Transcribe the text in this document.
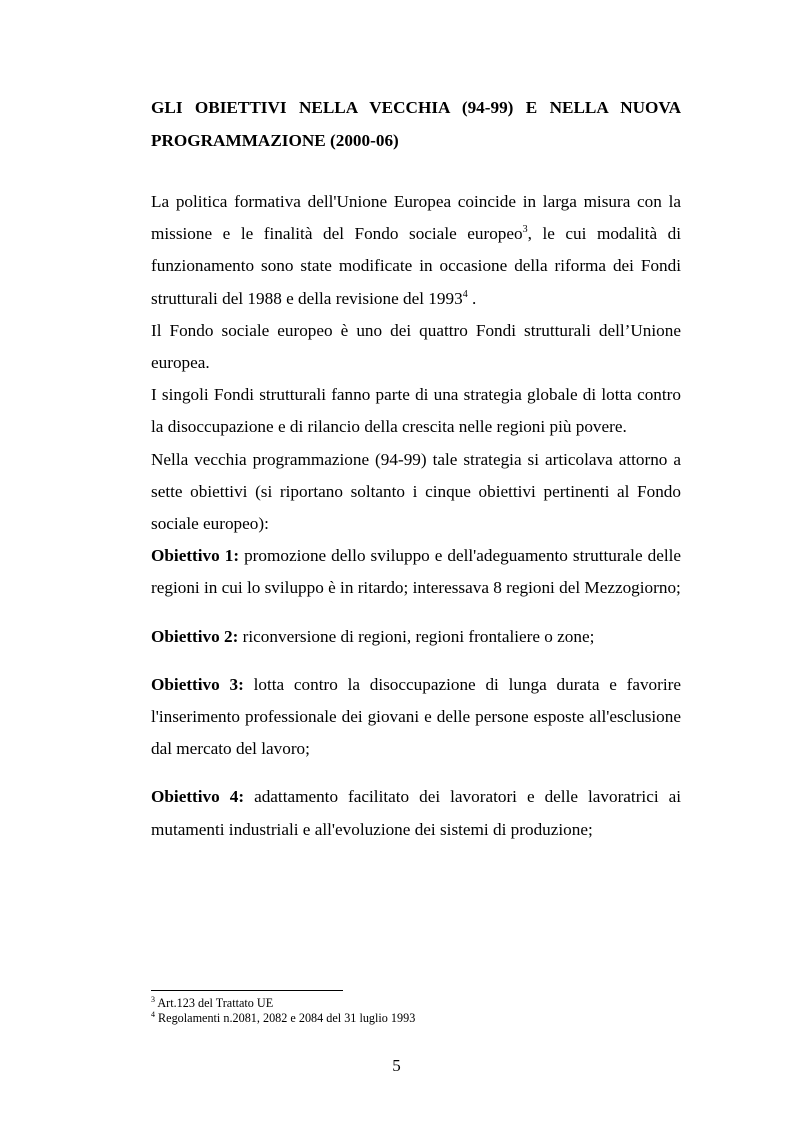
GLI OBIETTIVI NELLA VECCHIA (94-99) E NELLA NUOVA PROGRAMMAZIONE (2000-06)

La politica formativa dell'Unione Europea coincide in larga misura con la missione e le finalità del Fondo sociale europeo$^3$, le cui modalità di funzionamento sono state modificate in occasione della riforma dei Fondi strutturali del 1988 e della revisione del 1993$^4$ .

Il Fondo sociale europeo è uno dei quattro Fondi strutturali dell’Unione europea.

I singoli Fondi strutturali fanno parte di una strategia globale di lotta contro la disoccupazione e di rilancio della crescita nelle regioni più povere.

Nella vecchia programmazione (94-99) tale strategia si articolava attorno a sette obiettivi (si riportano soltanto i cinque obiettivi pertinenti al Fondo sociale europeo):

Obiettivo 1: promozione dello sviluppo e dell'adeguamento strutturale delle regioni in cui lo sviluppo è in ritardo; interessava 8 regioni del Mezzogiorno;

Obiettivo 2: riconversione di regioni, regioni frontaliere o zone;

Obiettivo 3: lotta contro la disoccupazione di lunga durata e favorire l'inserimento professionale dei giovani e delle persone esposte all'esclusione dal mercato del lavoro;

Obiettivo 4: adattamento facilitato dei lavoratori e delle lavoratrici ai mutamenti industriali e all'evoluzione dei sistemi di produzione;

$^3$ Art.123 del Trattato UE
$^4$ Regolamenti n.2081, 2082 e 2084 del 31 luglio 1993
5
